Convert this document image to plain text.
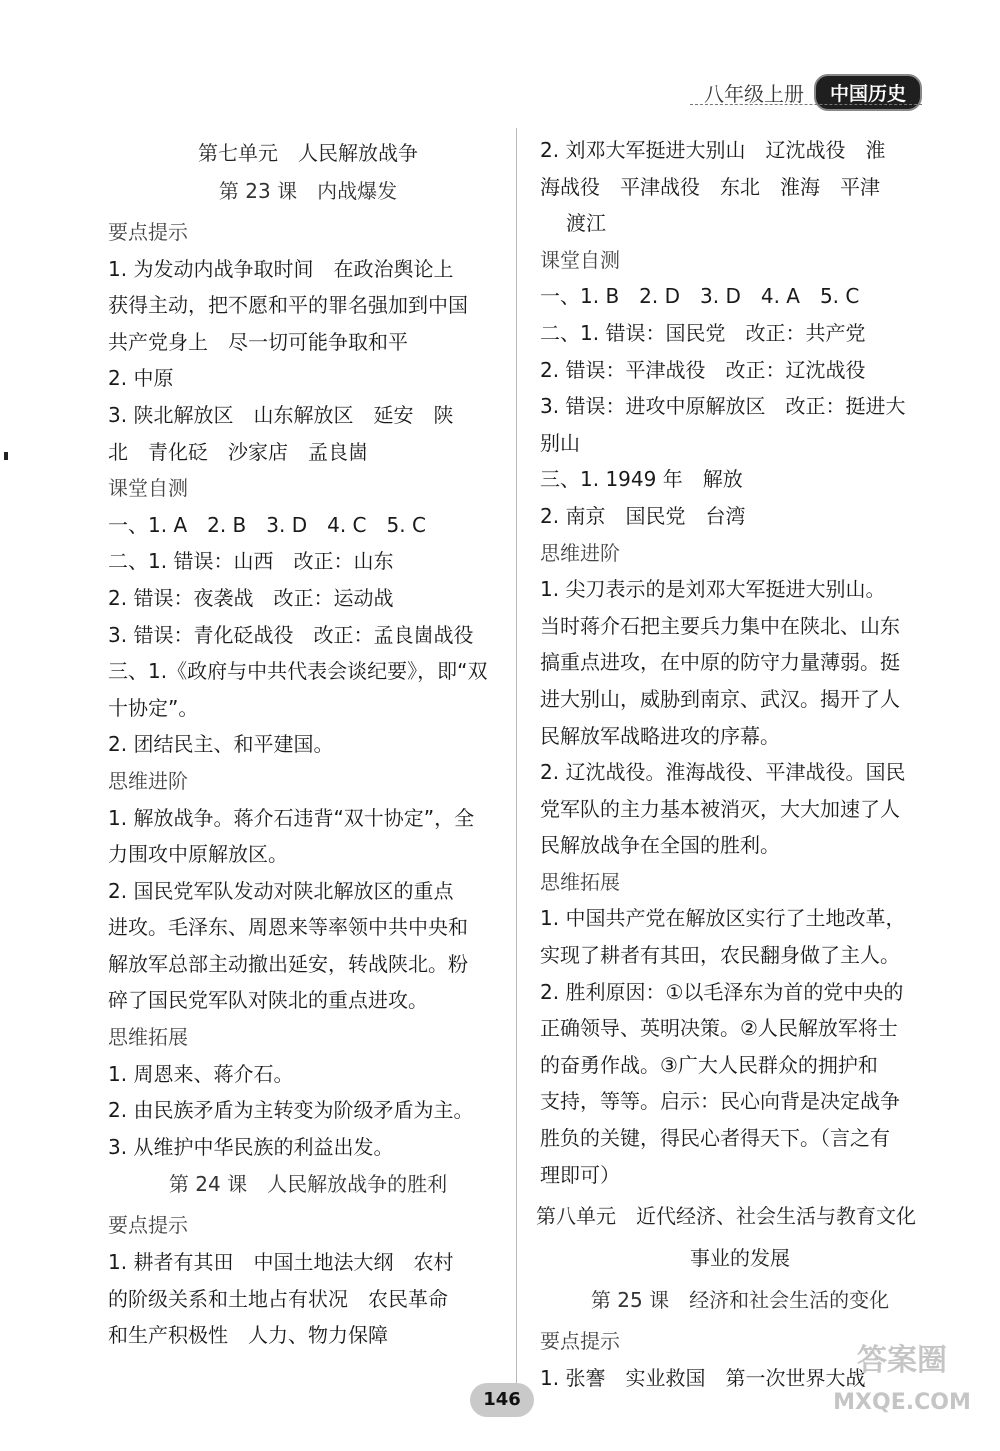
八年级上册	中国历史

第七单元　人民解放战争

第 23 课　内战爆发

要点提示

1. 为发动内战争取时间　在政治舆论上

获得主动，把不愿和平的罪名强加到中国

共产党身上　尽一切可能争取和平

2. 中原

3. 陕北解放区　山东解放区　延安　陕

北　青化砭　沙家店　孟良崮

课堂自测

一、1. A　2. B　3. D　4. C　5. C

二、1. 错误：山西　改正：山东

2. 错误：夜袭战　改正：运动战

3. 错误：青化砭战役　改正：孟良崮战役

三、1.《政府与中共代表会谈纪要》，即“双

十协定”。

2. 团结民主、和平建国。

思维进阶

1. 解放战争。蒋介石违背“双十协定”，全

力围攻中原解放区。

2. 国民党军队发动对陕北解放区的重点

进攻。毛泽东、周恩来等率领中共中央和

解放军总部主动撤出延安，转战陕北。粉

碎了国民党军队对陕北的重点进攻。

思维拓展

1. 周恩来、蒋介石。

2. 由民族矛盾为主转变为阶级矛盾为主。

3. 从维护中华民族的利益出发。

第 24 课　人民解放战争的胜利

要点提示

1. 耕者有其田　中国土地法大纲　农村

的阶级关系和土地占有状况　农民革命

和生产积极性　人力、物力保障

2. 刘邓大军挺进大别山　辽沈战役　淮

海战役　平津战役　东北　淮海　平津

渡江

课堂自测

一、1. B　2. D　3. D　4. A　5. C

二、1. 错误：国民党　改正：共产党

2. 错误：平津战役　改正：辽沈战役

3. 错误：进攻中原解放区　改正：挺进大

别山

三、1. 1949 年　解放

2. 南京　国民党　台湾

思维进阶

1. 尖刀表示的是刘邓大军挺进大别山。

当时蒋介石把主要兵力集中在陕北、山东

搞重点进攻，在中原的防守力量薄弱。挺

进大别山，威胁到南京、武汉。揭开了人

民解放军战略进攻的序幕。

2. 辽沈战役。淮海战役、平津战役。国民

党军队的主力基本被消灭，大大加速了人

民解放战争在全国的胜利。

思维拓展

1. 中国共产党在解放区实行了土地改革，

实现了耕者有其田，农民翻身做了主人。

2. 胜利原因：①以毛泽东为首的党中央的

正确领导、英明决策。②人民解放军将士

的奋勇作战。③广大人民群众的拥护和

支持，等等。启示：民心向背是决定战争

胜负的关键，得民心者得天下。（言之有

理即可）

第八单元　近代经济、社会生活与教育文化

事业的发展

第 25 课　经济和社会生活的变化

要点提示

1. 张謇　实业救国　第一次世界大战

146
答案圈
MXQE.COM
